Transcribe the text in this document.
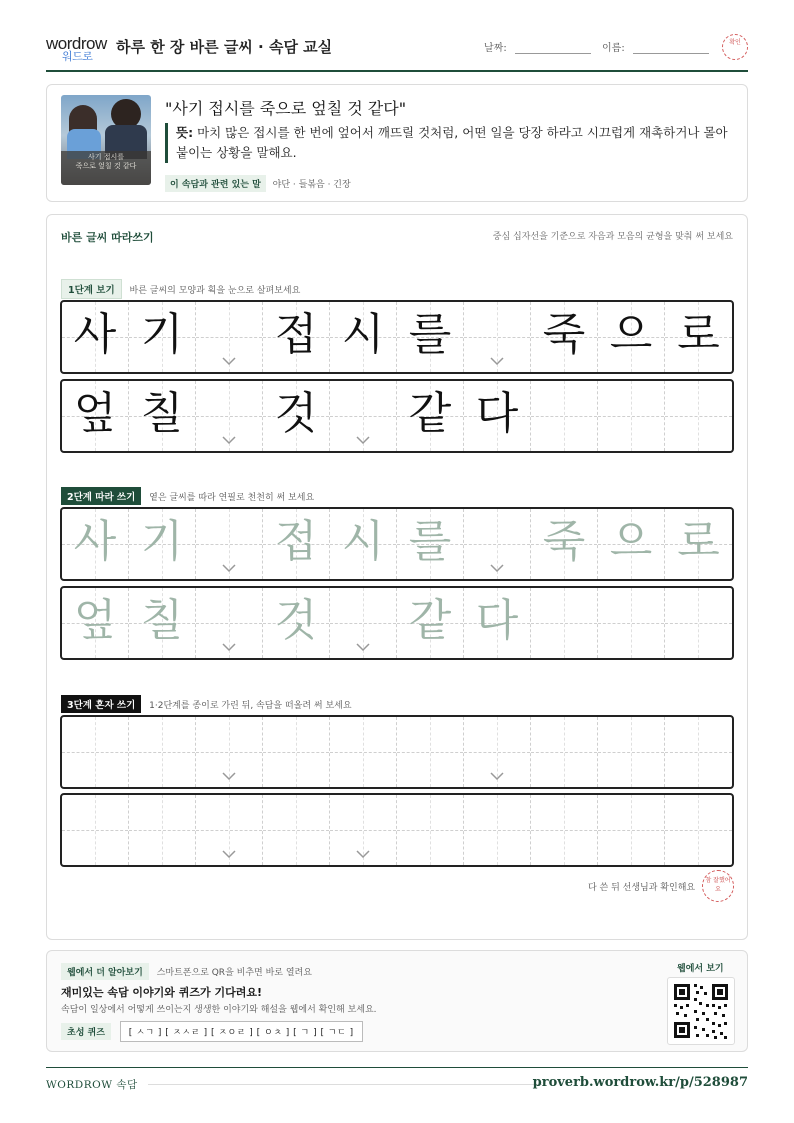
wordrow
워드로
하루 한 장 바른 글씨 · 속담 교실	날짜:	이름:
확인
사기 접시를
죽으로 엎칠 것 같다
"사기 접시를 죽으로 엎칠 것 같다"
뜻: 마치 많은 접시를 한 번에 엎어서 깨뜨릴 것처럼, 어떤 일을 당장 하라고 시끄럽게 재촉하거나 몰아붙이는 상황을 말해요.
이 속담과 관련 있는 말 야단 · 들볶음 · 긴장
바른 글씨 따라쓰기	중심 십자선을 기준으로 자음과 모음의 균형을 맞춰 써 보세요
1단계 보기 바른 글씨의 모양과 획을 눈으로 살펴보세요
2단계 따라 쓰기 옅은 글씨를 따라 연필로 천천히 써 보세요
3단계 혼자 쓰기 1·2단계를 종이로 가린 뒤, 속담을 떠올려 써 보세요
사 기 접 시 를 죽 으 로
엎 칠 것 같 다
사 기 접 시 를 죽 으 로
엎 칠 것 같 다
다 쓴 뒤 선생님과 확인해요
참 잘했어요
웹에서 더 알아보기 스마트폰으로 QR을 비추면 바로 열려요
재미있는 속담 이야기와 퀴즈가 기다려요!
속담이 일상에서 어떻게 쓰이는지 생생한 이야기와 해설을 웹에서 확인해 보세요.
초성 퀴즈	[ ㅅㄱ ] [ ㅈㅅㄹ ] [ ㅈㅇㄹ ] [ ㅇㅊ ] [ ㄱ ] [ ㄱㄷ ]
웹에서 보기
WORDROW 속담	proverb.wordrow.kr/p/528987
